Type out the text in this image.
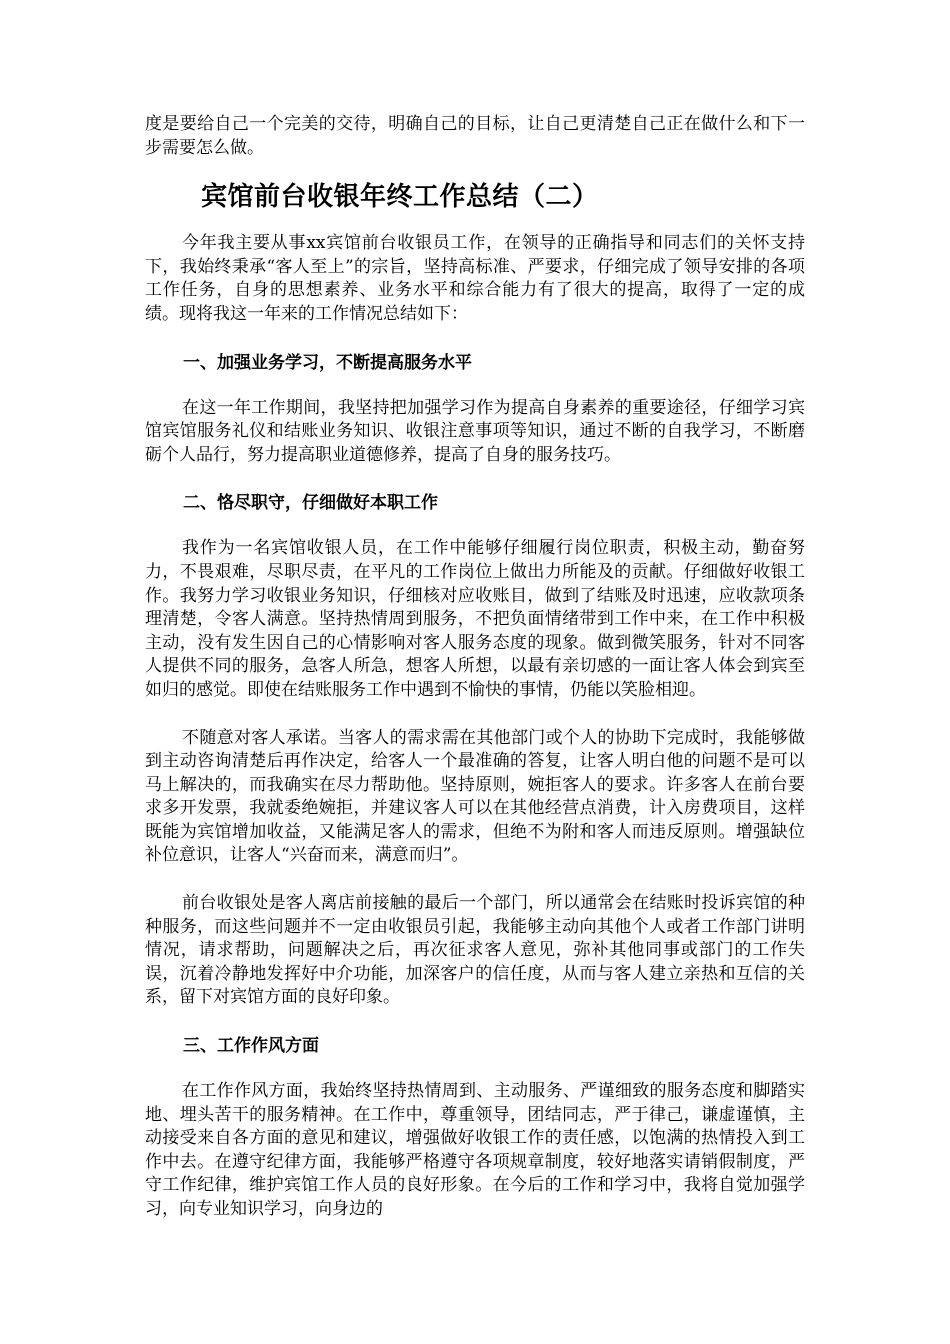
度是要给自己一个完美的交待，明确自己的目标，让自己更清楚自己正在做什么和下一步需要怎么做。

宾馆前台收银年终工作总结（二）

今年我主要从事xx宾馆前台收银员工作，在领导的正确指导和同志们的关怀支持下，我始终秉承“客人至上”的宗旨，坚持高标准、严要求，仔细完成了领导安排的各项工作任务，自身的思想素养、业务水平和综合能力有了很大的提高，取得了一定的成绩。现将我这一年来的工作情况总结如下：

一、加强业务学习，不断提高服务水平

在这一年工作期间，我坚持把加强学习作为提高自身素养的重要途径，仔细学习宾馆宾馆服务礼仪和结账业务知识、收银注意事项等知识，通过不断的自我学习，不断磨砺个人品行，努力提高职业道德修养，提高了自身的服务技巧。

二、恪尽职守，仔细做好本职工作

我作为一名宾馆收银人员，在工作中能够仔细履行岗位职责，积极主动，勤奋努力，不畏艰难，尽职尽责，在平凡的工作岗位上做出力所能及的贡献。仔细做好收银工作。我努力学习收银业务知识，仔细核对应收账目，做到了结账及时迅速，应收款项条理清楚，令客人满意。坚持热情周到服务，不把负面情绪带到工作中来，在工作中积极主动，没有发生因自己的心情影响对客人服务态度的现象。做到微笑服务，针对不同客人提供不同的服务，急客人所急，想客人所想，以最有亲切感的一面让客人体会到宾至如归的感觉。即使在结账服务工作中遇到不愉快的事情，仍能以笑脸相迎。

不随意对客人承诺。当客人的需求需在其他部门或个人的协助下完成时，我能够做到主动咨询清楚后再作决定，给客人一个最准确的答复，让客人明白他的问题不是可以马上解决的，而我确实在尽力帮助他。坚持原则，婉拒客人的要求。许多客人在前台要求多开发票，我就委绝婉拒，并建议客人可以在其他经营点消费，计入房费项目，这样既能为宾馆增加收益，又能满足客人的需求，但绝不为附和客人而违反原则。增强缺位补位意识，让客人“兴奋而来，满意而归”。

前台收银处是客人离店前接触的最后一个部门，所以通常会在结账时投诉宾馆的种种服务，而这些问题并不一定由收银员引起，我能够主动向其他个人或者工作部门讲明情况，请求帮助，问题解决之后，再次征求客人意见，弥补其他同事或部门的工作失误，沉着冷静地发挥好中介功能，加深客户的信任度，从而与客人建立亲热和互信的关系，留下对宾馆方面的良好印象。

三、工作作风方面

在工作作风方面，我始终坚持热情周到、主动服务、严谨细致的服务态度和脚踏实地、埋头苦干的服务精神。在工作中，尊重领导，团结同志，严于律己，谦虚谨慎，主动接受来自各方面的意见和建议，增强做好收银工作的责任感，以饱满的热情投入到工作中去。在遵守纪律方面，我能够严格遵守各项规章制度，较好地落实请销假制度，严守工作纪律，维护宾馆工作人员的良好形象。在今后的工作和学习中，我将自觉加强学习，向专业知识学习，向身边的
